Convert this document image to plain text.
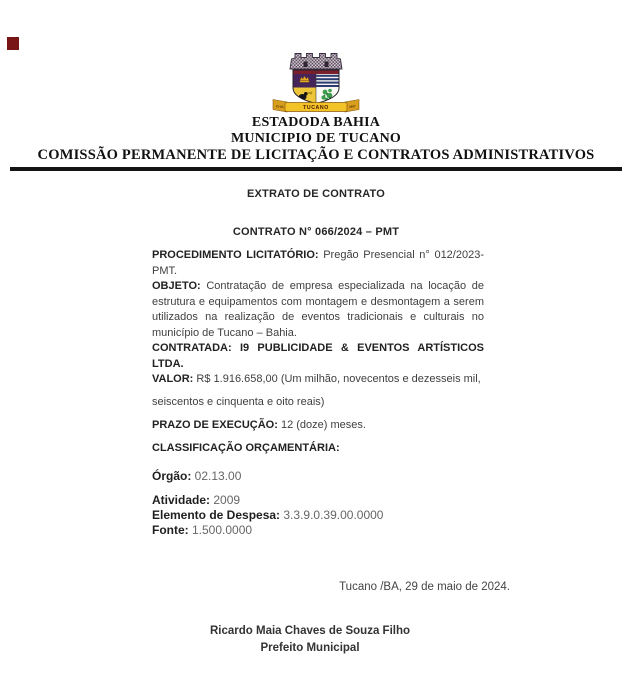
21-63	1937
TUCANO
ESTADODA BAHIA
MUNICIPIO DE TUCANO
COMISSÃO PERMANENTE DE LICITAÇÃO E CONTRATOS ADMINISTRATIVOS
EXTRATO DE CONTRATO
CONTRATO N° 066/2024 – PMT

PROCEDIMENTO LICITATÓRIO: Pregão Presencial n° 012/2023-PMT.

OBJETO: Contratação de empresa especializada na locação de estrutura e equipamentos com montagem e desmontagem a serem utilizados na realização de eventos tradicionais e culturais no município de Tucano – Bahia.

CONTRATADA: I9 PUBLICIDADE & EVENTOS ARTÍSTICOS LTDA.

VALOR: R$ 1.916.658,00 (Um milhão, novecentos e dezesseis mil,

seiscentos e cinquenta e oito reais)

PRAZO DE EXECUÇÃO: 12 (doze) meses.

CLASSIFICAÇÃO ORÇAMENTÁRIA:

Órgão: 02.13.00

Atividade: 2009

Elemento de Despesa: 3.3.9.0.39.00.0000

Fonte: 1.500.0000

Tucano /BA, 29 de maio de 2024.
Ricardo Maia Chaves de Souza Filho
Prefeito Municipal
